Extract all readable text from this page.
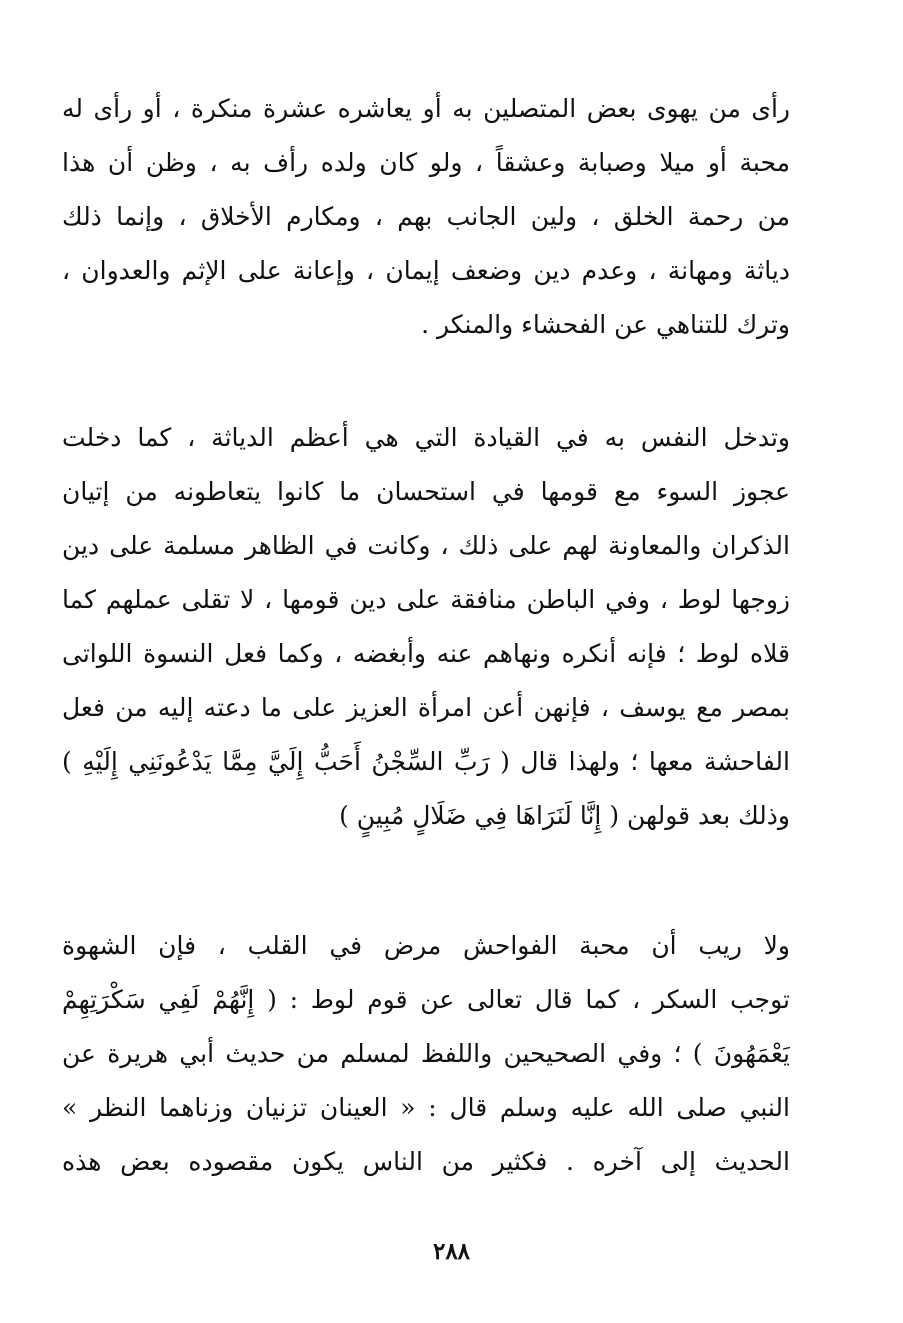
رأى من يهوى بعض المتصلين به أو يعاشره عشرة منكرة ، أو رأى له
محبة أو ميلا وصبابة وعشقاً ، ولو كان ولده رأف به ، وظن أن هذا
من رحمة الخلق ، ولين الجانب بهم ، ومكارم الأخلاق ، وإنما ذلك
دياثة ومهانة ، وعدم دين وضعف إيمان ، وإعانة على الإثم والعدوان ،
وترك للتناهي عن الفحشاء والمنكر .
وتدخل النفس به في القيادة التي هي أعظم الدياثة ، كما دخلت
عجوز السوء مع قومها في استحسان ما كانوا يتعاطونه من إتيان
الذكران والمعاونة لهم على ذلك ، وكانت في الظاهر مسلمة على دين
زوجها لوط ، وفي الباطن منافقة على دين قومها ، لا تقلى عملهم كما
قلاه لوط ؛ فإنه أنكره ونهاهم عنه وأبغضه ، وكما فعل النسوة اللواتى
بمصر مع يوسف ، فإنهن أعن امرأة العزيز على ما دعته إليه من فعل
الفاحشة معها ؛ ولهذا قال ( رَبِّ السِّجْنُ أَحَبُّ إِلَيَّ مِمَّا يَدْعُونَنِي إِلَيْهِ )
وذلك بعد قولهن ( إِنَّا لَنَرَاهَا فِي ضَلَالٍ مُبِينٍ )
ولا ريب أن محبة الفواحش مرض في القلب ، فإن الشهوة
توجب السكر ، كما قال تعالى عن قوم لوط : ( إِنَّهُمْ لَفِي سَكْرَتِهِمْ
يَعْمَهُونَ ) ؛ وفي الصحيحين واللفظ لمسلم من حديث أبي هريرة عن
النبي صلى الله عليه وسلم قال : « العينان تزنيان وزناهما النظر »
الحديث إلى آخره . فكثير من الناس يكون مقصوده بعض هذه
٢٨٨
